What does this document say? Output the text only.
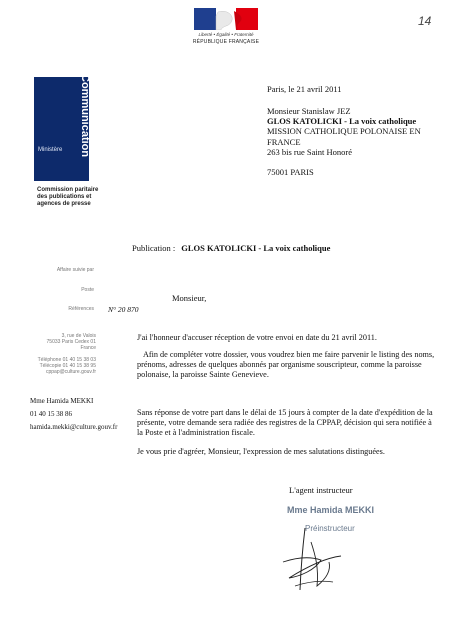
Liberté • Égalité • Fraternité
RÉPUBLIQUE FRANÇAISE
14
Culture
Communication
Ministère
Commission paritaire
des publications et
agences de presse
Paris, le 21 avril 2011
Monsieur Stanislaw JEZ
GLOS KATOLICKI - La voix catholique
MISSION CATHOLIQUE POLONAISE EN
FRANCE
263 bis rue Saint Honoré
75001 PARIS
Publication : GLOS KATOLICKI - La voix catholique
Affaire suivie par
Poste
Références N° 20 870
Monsieur,
3, rue de Valois
75033 Paris Cedex 01
France
Téléphone 01 40 15 38 03
Télécopie 01 40 15 38 95
cppap@culture.gouv.fr
Mme Hamida MEKKI
01 40 15 38 86
hamida.mekki@culture.gouv.fr
J'ai l'honneur d'accuser réception de votre envoi en date du 21 avril 2011.
Afin de compléter votre dossier, vous voudrez bien me faire parvenir le listing des noms, prénoms, adresses de quelques abonnés par organisme souscripteur, comme la paroisse polonaise, la paroisse Sainte Genevieve.
Sans réponse de votre part dans le délai de 15 jours à compter de la date d'expédition de la présente, votre demande sera radiée des registres de la CPPAP, décision qui sera notifiée à la Poste et à l'administration fiscale.
Je vous prie d'agréer, Monsieur, l'expression de mes salutations distinguées.
L'agent instructeur
Mme Hamida MEKKI
Préinstructeur
